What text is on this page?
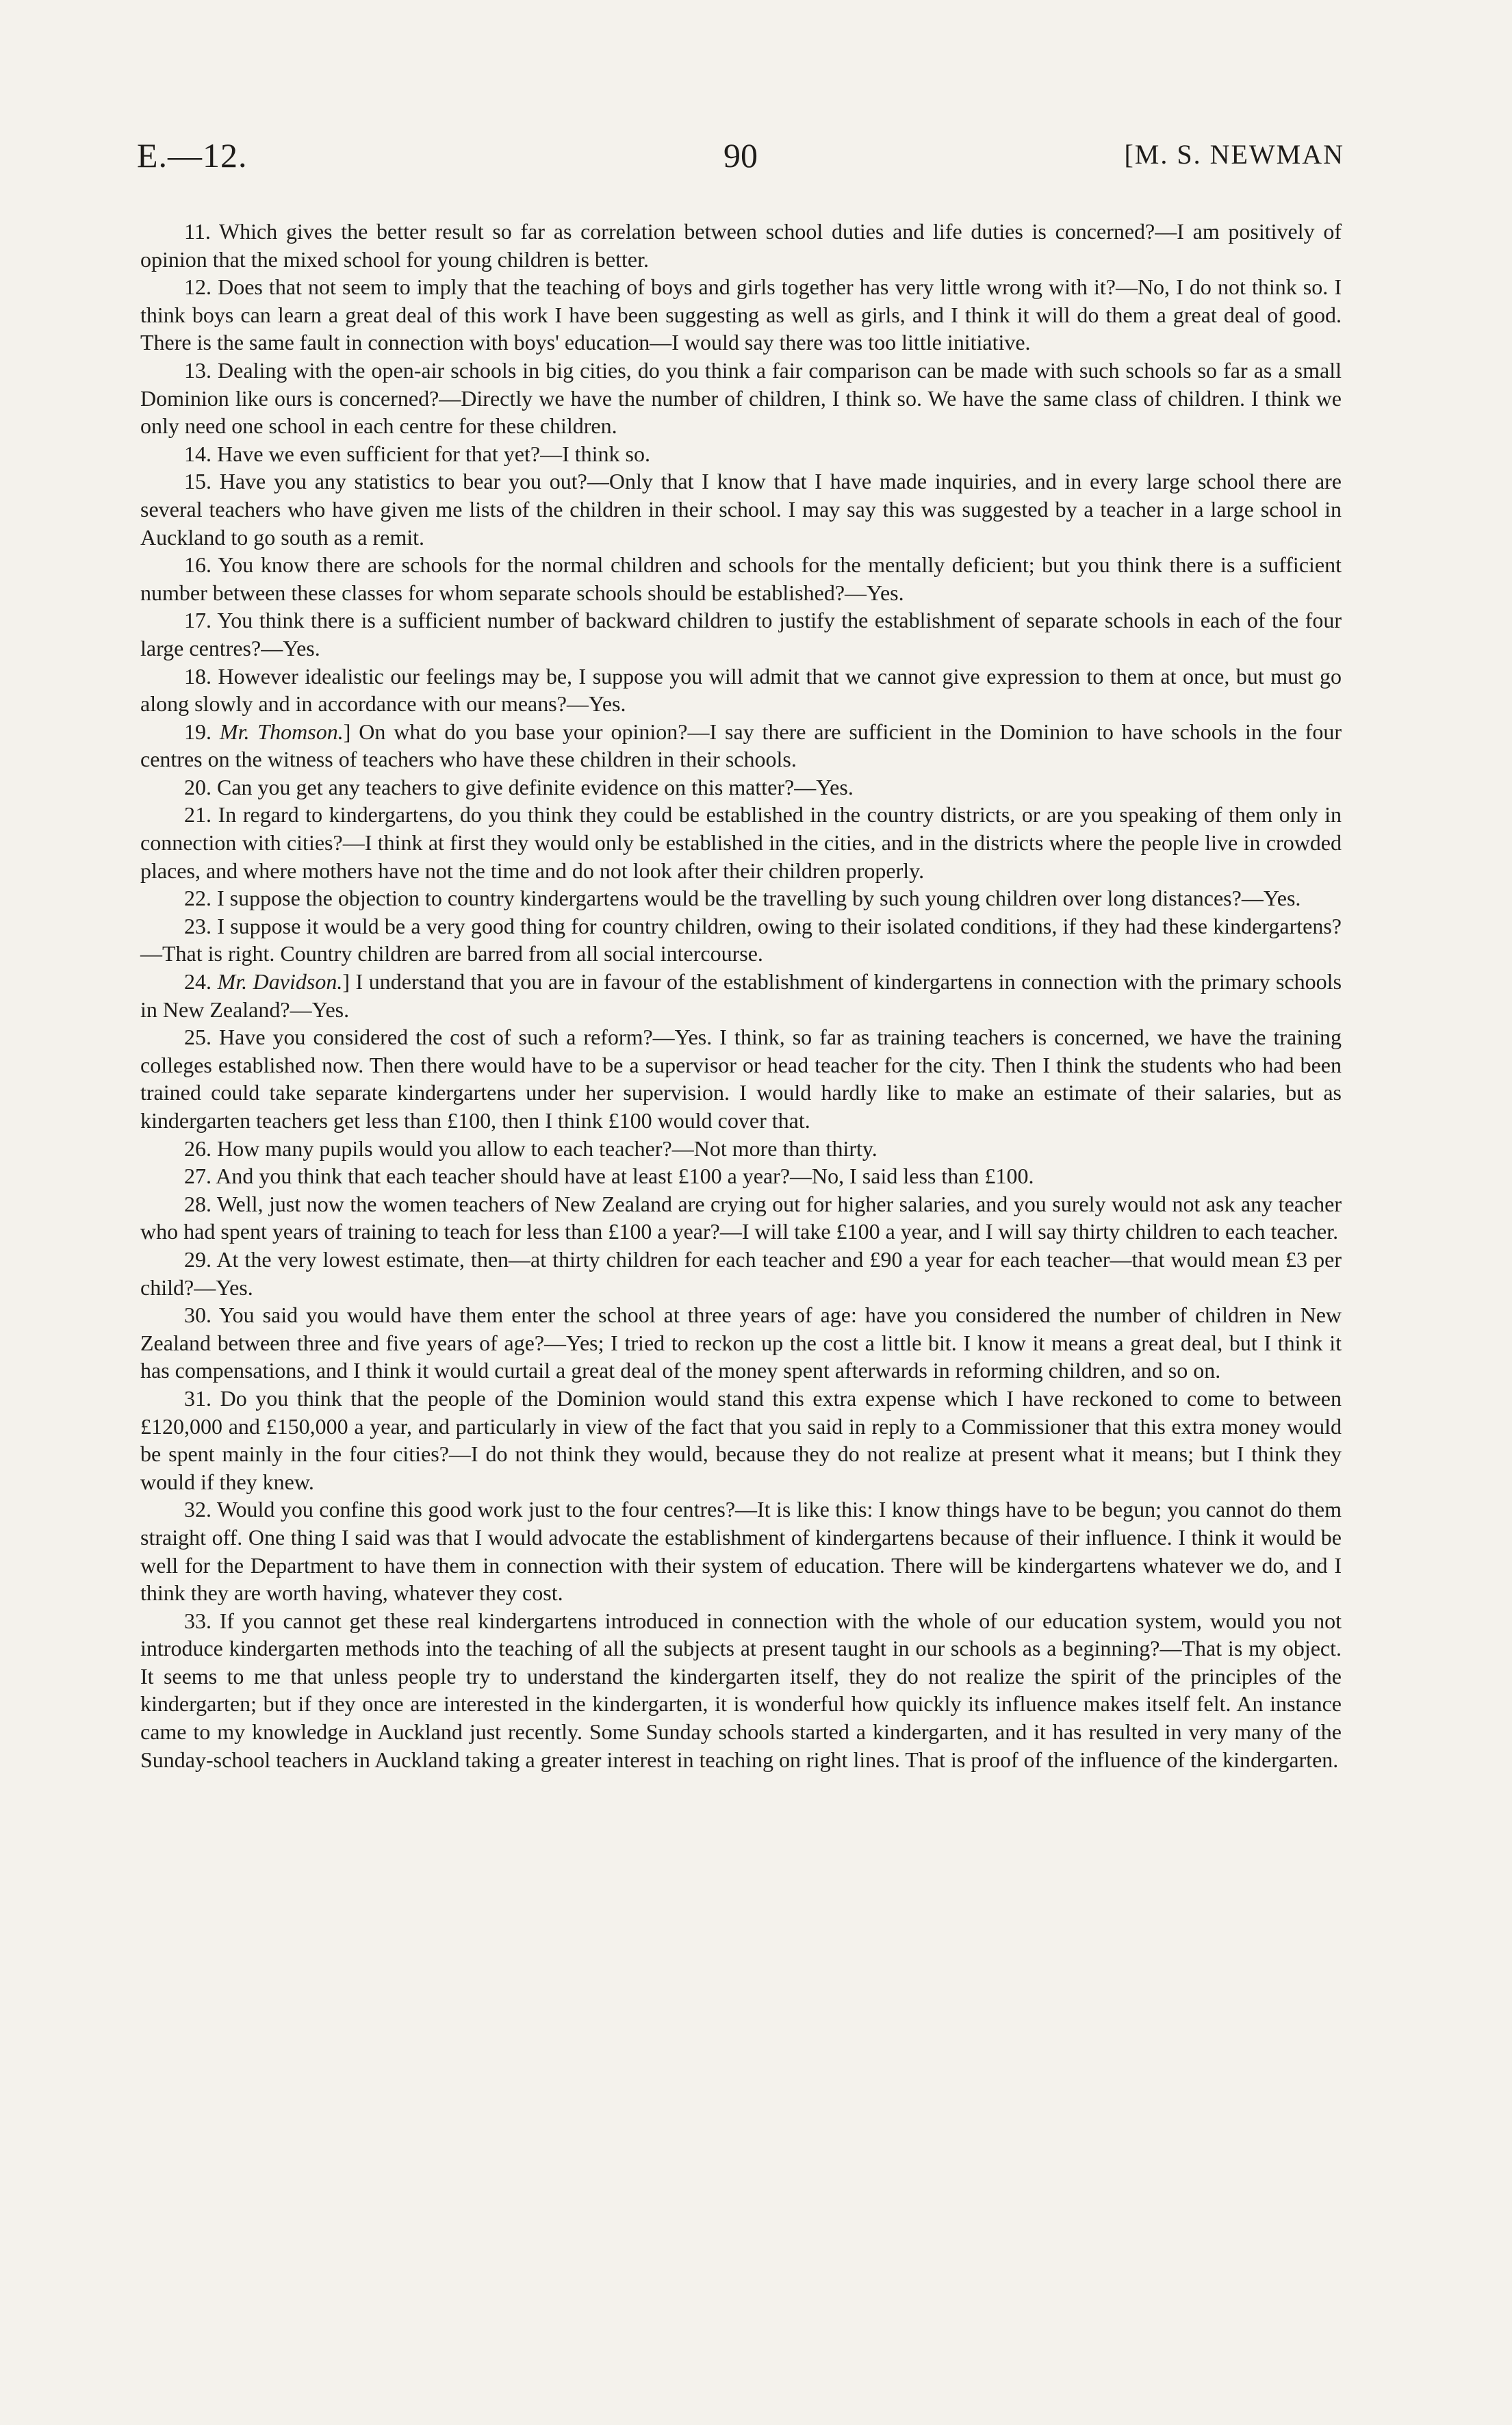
E.—12.	90	[M. S. NEWMAN

11. Which gives the better result so far as correlation between school duties and life duties is concerned?—I am positively of opinion that the mixed school for young children is better.

12. Does that not seem to imply that the teaching of boys and girls together has very little wrong with it?—No, I do not think so. I think boys can learn a great deal of this work I have been suggesting as well as girls, and I think it will do them a great deal of good. There is the same fault in connection with boys' education—I would say there was too little initiative.

13. Dealing with the open-air schools in big cities, do you think a fair comparison can be made with such schools so far as a small Dominion like ours is concerned?—Directly we have the number of children, I think so. We have the same class of children. I think we only need one school in each centre for these children.

14. Have we even sufficient for that yet?—I think so.

15. Have you any statistics to bear you out?—Only that I know that I have made inquiries, and in every large school there are several teachers who have given me lists of the children in their school. I may say this was suggested by a teacher in a large school in Auckland to go south as a remit.

16. You know there are schools for the normal children and schools for the mentally deficient; but you think there is a sufficient number between these classes for whom separate schools should be established?—Yes.

17. You think there is a sufficient number of backward children to justify the establishment of separate schools in each of the four large centres?—Yes.

18. However idealistic our feelings may be, I suppose you will admit that we cannot give expression to them at once, but must go along slowly and in accordance with our means?—Yes.

19. Mr. Thomson.] On what do you base your opinion?—I say there are sufficient in the Dominion to have schools in the four centres on the witness of teachers who have these children in their schools.

20. Can you get any teachers to give definite evidence on this matter?—Yes.

21. In regard to kindergartens, do you think they could be established in the country districts, or are you speaking of them only in connection with cities?—I think at first they would only be established in the cities, and in the districts where the people live in crowded places, and where mothers have not the time and do not look after their children properly.

22. I suppose the objection to country kindergartens would be the travelling by such young children over long distances?—Yes.

23. I suppose it would be a very good thing for country children, owing to their isolated conditions, if they had these kindergartens?—That is right. Country children are barred from all social intercourse.

24. Mr. Davidson.] I understand that you are in favour of the establishment of kindergartens in connection with the primary schools in New Zealand?—Yes.

25. Have you considered the cost of such a reform?—Yes. I think, so far as training teachers is concerned, we have the training colleges established now. Then there would have to be a supervisor or head teacher for the city. Then I think the students who had been trained could take separate kindergartens under her supervision. I would hardly like to make an estimate of their salaries, but as kindergarten teachers get less than £100, then I think £100 would cover that.

26. How many pupils would you allow to each teacher?—Not more than thirty.

27. And you think that each teacher should have at least £100 a year?—No, I said less than £100.

28. Well, just now the women teachers of New Zealand are crying out for higher salaries, and you surely would not ask any teacher who had spent years of training to teach for less than £100 a year?—I will take £100 a year, and I will say thirty children to each teacher.

29. At the very lowest estimate, then—at thirty children for each teacher and £90 a year for each teacher—that would mean £3 per child?—Yes.

30. You said you would have them enter the school at three years of age: have you considered the number of children in New Zealand between three and five years of age?—Yes; I tried to reckon up the cost a little bit. I know it means a great deal, but I think it has compensations, and I think it would curtail a great deal of the money spent afterwards in reforming children, and so on.

31. Do you think that the people of the Dominion would stand this extra expense which I have reckoned to come to between £120,000 and £150,000 a year, and particularly in view of the fact that you said in reply to a Commissioner that this extra money would be spent mainly in the four cities?—I do not think they would, because they do not realize at present what it means; but I think they would if they knew.

32. Would you confine this good work just to the four centres?—It is like this: I know things have to be begun; you cannot do them straight off. One thing I said was that I would advocate the establishment of kindergartens because of their influence. I think it would be well for the Department to have them in connection with their system of education. There will be kindergartens whatever we do, and I think they are worth having, whatever they cost.

33. If you cannot get these real kindergartens introduced in connection with the whole of our education system, would you not introduce kindergarten methods into the teaching of all the subjects at present taught in our schools as a beginning?—That is my object. It seems to me that unless people try to understand the kindergarten itself, they do not realize the spirit of the principles of the kindergarten; but if they once are interested in the kindergarten, it is wonderful how quickly its influence makes itself felt. An instance came to my knowledge in Auckland just recently. Some Sunday schools started a kindergarten, and it has resulted in very many of the Sunday-school teachers in Auckland taking a greater interest in teaching on right lines. That is proof of the influence of the kindergarten.
